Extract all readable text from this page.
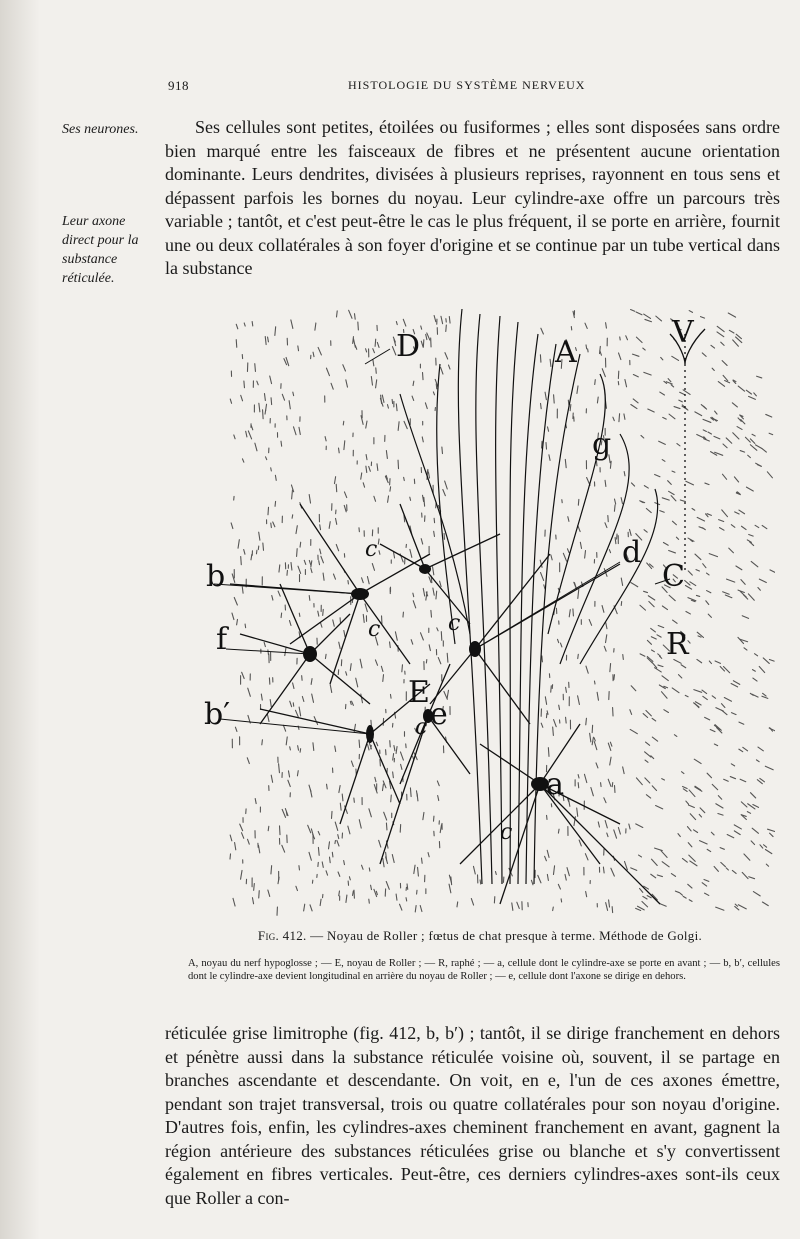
918	HISTOLOGIE DU SYSTÈME NERVEUX
Ses neurones.
Leur axone direct pour la substance réticulée.

Ses cellules sont petites, étoilées ou fusiformes ; elles sont disposées sans ordre bien marqué entre les faisceaux de fibres et ne présentent aucune orientation dominante. Leurs dendrites, divisées à plusieurs reprises, rayonnent en tous sens et dépassent parfois les bornes du noyau. Leur cylindre-axe offre un parcours très variable ; tantôt, et c'est peut-être le cas le plus fréquent, il se porte en arrière, fournit une ou deux collatérales à son foyer d'origine et se continue par un tube vertical dans la substance

D	A
V
g
d
C
R
b
f
b′
E
e
a
c
c	c
c
c
Fig. 412. — Noyau de Roller ; fœtus de chat presque à terme. Méthode de Golgi.

A, noyau du nerf hypoglosse ; — E, noyau de Roller ; — R, raphé ; — a, cellule dont le cylindre-axe se porte en avant ; — b, b′, cellules dont le cylindre-axe devient longitudinal en arrière du noyau de Roller ; — e, cellule dont l'axone se dirige en dehors.

réticulée grise limitrophe (fig. 412, b, b′) ; tantôt, il se dirige franchement en dehors et pénètre aussi dans la substance réticulée voisine où, souvent, il se partage en branches ascendante et descendante. On voit, en e, l'un de ces axones émettre, pendant son trajet transversal, trois ou quatre collatérales pour son noyau d'origine. D'autres fois, enfin, les cylindres-axes cheminent franchement en avant, gagnent la région antérieure des substances réticulées grise ou blanche et s'y convertissent également en fibres verticales. Peut-être, ces derniers cylindres-axes sont-ils ceux que Roller a con-
